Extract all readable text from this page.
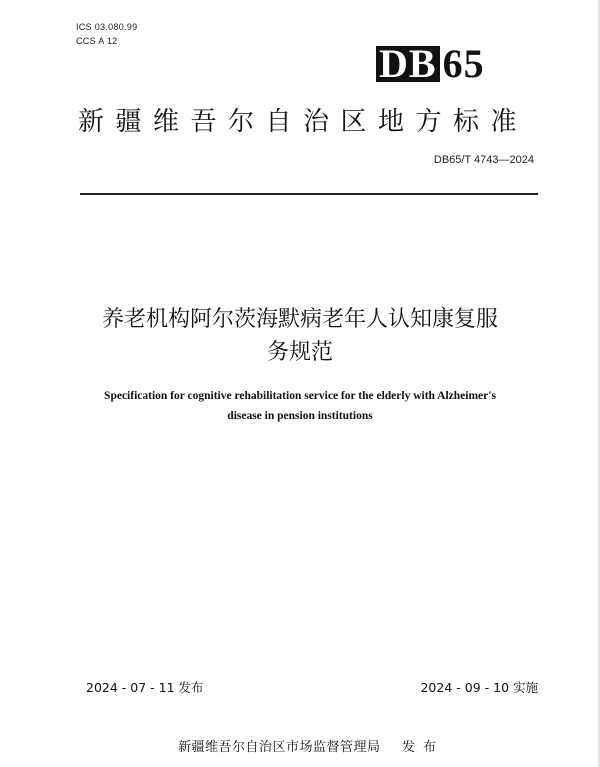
ICS 03.080.99
CCS A 12	DB 65
新疆维吾尔自治区地方标准
DB65/T 4743—2024
养老机构阿尔茨海默病老年人认知康复服
务规范
Specification for cognitive rehabilitation service for the elderly with Alzheimer's
disease in pension institutions
2024 - 07 - 11 发布	2024 - 09 - 10 实施
新疆维吾尔自治区市场监督管理局 发布
